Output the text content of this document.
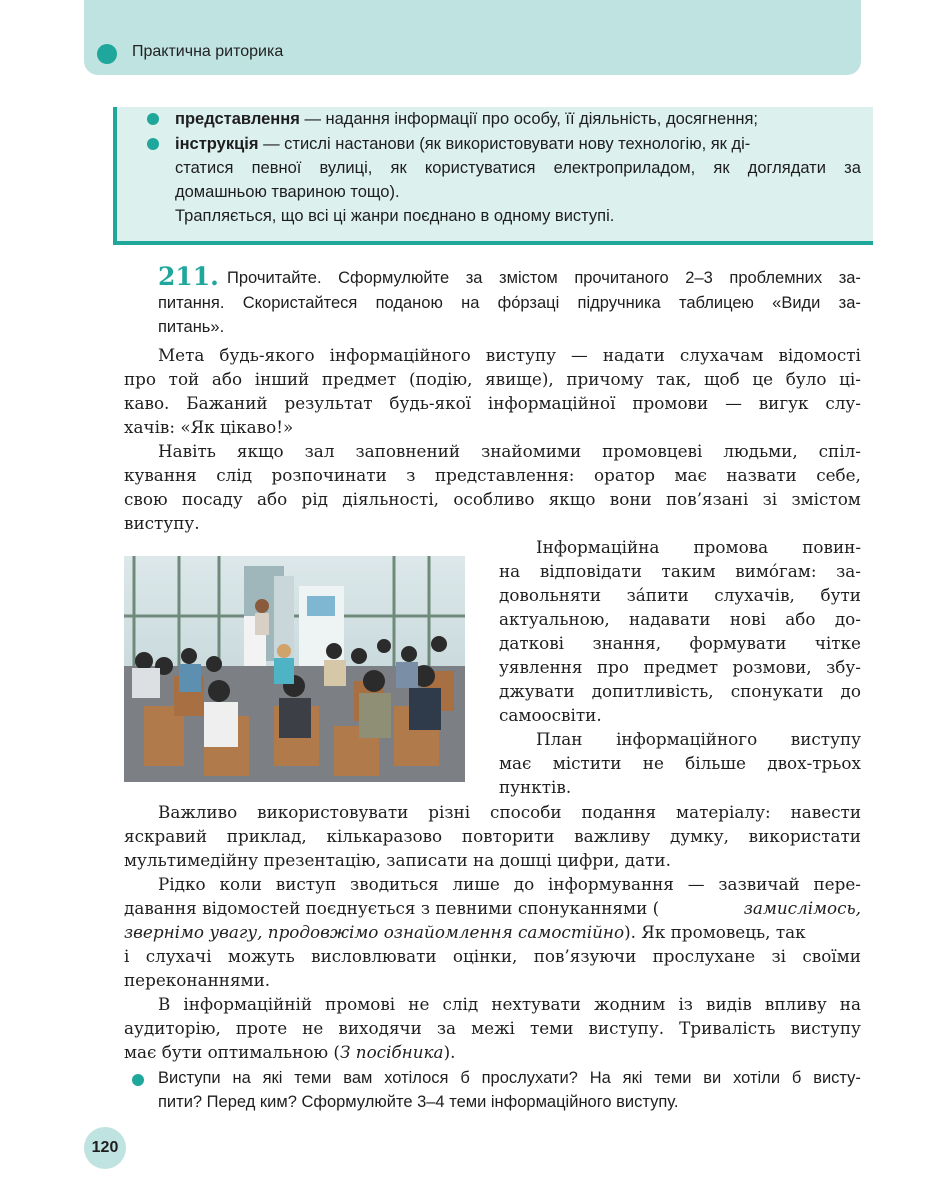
Практична риторика
представлення — надання інформації про особу, її діяльність, досягнення;
інструкція — стислі настанови (як використовувати нову технологію, як ді-
статися певної вулиці, як користуватися електроприладом, як доглядати за
домашньою твариною тощо).
Трапляється, що всі ці жанри поєднано в одному виступі.
211. Прочитайте. Сформулюйте за змістом прочитаного 2–3 проблемних за-
питання. Скористайтеся поданою на фо́рзаці підручника таблицею «Види за-
питань».
Мета будь-якого інформаційного виступу — надати слухачам відомості
про той або інший предмет (подію, явище), причому так, щоб це було ці-
каво. Бажаний результат будь-якої інформаційної промови — вигук слу-
хачів: «Як цікаво!»
Навіть якщо зал заповнений знайомими промовцеві людьми, спіл-
кування слід розпочинати з представлення: оратор має назвати себе,
свою посаду або рід діяльності, особливо якщо вони пов’язані зі змістом
виступу.
Інформаційна промова повин-
на відповідати таким вимо́гам: за-
довольняти за́пити слухачів, бути
актуальною, надавати нові або до-
даткові знання, формувати чітке
уявлення про предмет розмови, збу-
джувати допитливість, спонукати до
самоосвіти.
План інформаційного виступу
має містити не більше двох-трьох
пунктів.
Важливо використовувати різні способи подання матеріалу: навести
яскравий приклад, кількаразово повторити важливу думку, використати
мультимедійну презентацію, записати на дошці цифри, дати.
Рідко коли виступ зводиться лише до інформування — зазвичай пере-
давання відомостей поєднується з певними спонуканнями (	замислімось,
звернімо увагу, продовжімо ознайомлення самостійно). Як промовець, так
і слухачі можуть висловлювати оцінки, пов’язуючи прослухане зі своїми
переконаннями.
В інформаційній промові не слід нехтувати жодним із видів впливу на
аудиторію, проте не виходячи за межі теми виступу. Тривалість виступу
має бути оптимальною (З посібника).
Виступи на які теми вам хотілося б прослухати? На які теми ви хотіли б висту-
пити? Перед ким? Сформулюйте 3–4 теми інформаційного виступу.
120
